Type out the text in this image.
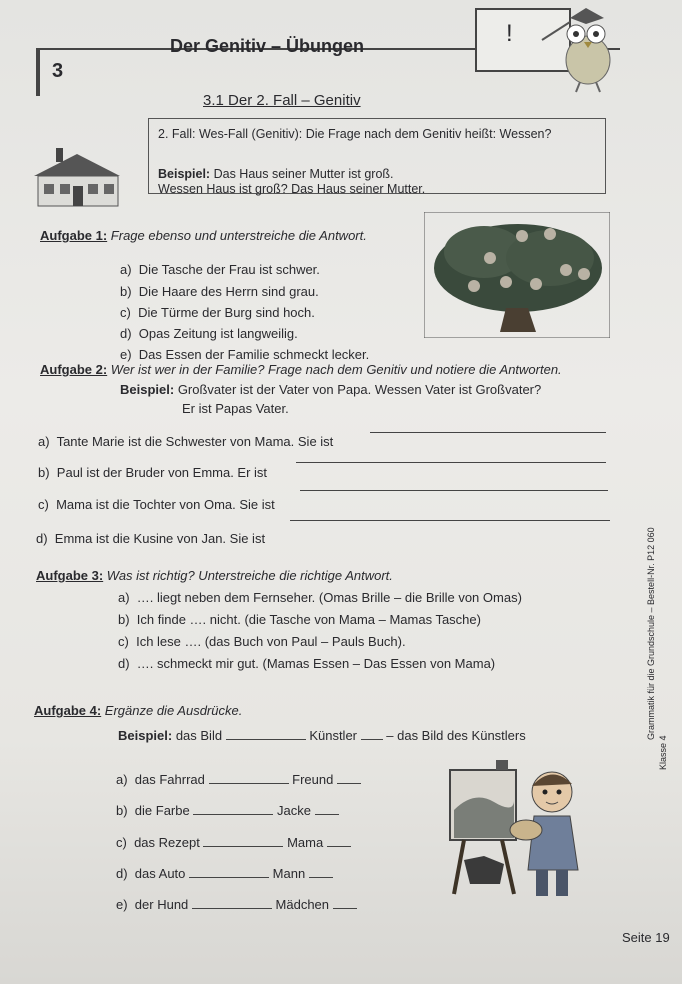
3
Der Genitiv – Übungen	!
3.1 Der 2. Fall – Genitiv
2. Fall: Wes-Fall (Genitiv): Die Frage nach dem Genitiv heißt: Wessen?
Beispiel: Das Haus seiner Mutter ist groß.
Wessen Haus ist groß? Das Haus seiner Mutter.
Aufgabe 1: Frage ebenso und unterstreiche die Antwort.
a) Die Tasche der Frau ist schwer.
b) Die Haare des Herrn sind grau.
c) Die Türme der Burg sind hoch.
d) Opas Zeitung ist langweilig.
e) Das Essen der Familie schmeckt lecker.
Aufgabe 2: Wer ist wer in der Familie? Frage nach dem Genitiv und notiere die Antworten.
Beispiel: Großvater ist der Vater von Papa. Wessen Vater ist Großvater?
Er ist Papas Vater.
a) Tante Marie ist die Schwester von Mama. Sie ist
b) Paul ist der Bruder von Emma. Er ist
c) Mama ist die Tochter von Oma. Sie ist
d) Emma ist die Kusine von Jan. Sie ist
Aufgabe 3: Was ist richtig? Unterstreiche die richtige Antwort.
a) …. liegt neben dem Fernseher. (Omas Brille – die Brille von Omas)
b) Ich finde …. nicht. (die Tasche von Mama – Mamas Tasche)
c) Ich lese …. (das Buch von Paul – Pauls Buch).
d) …. schmeckt mir gut. (Mamas Essen – Das Essen von Mama)
Aufgabe 4: Ergänze die Ausdrücke.
Beispiel: das Bild	Künstler – das Bild des Künstlers
a) das Fahrrad	Freund
b) die Farbe	Jacke
c) das Rezept	Mama
d) das Auto	Mann
e) der Hund	Mädchen
Grammatik für die Grundschule – Bestell-Nr. P12 060
Klasse 4
Seite 19
